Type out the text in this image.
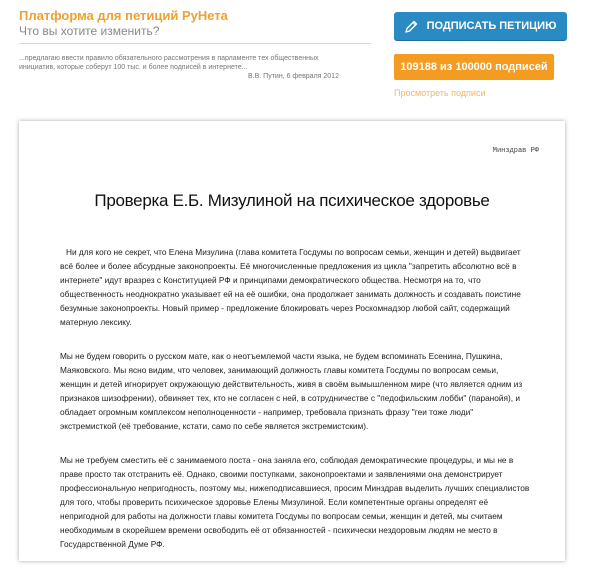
Платформа для петиций РуНета
Что вы хотите изменить?
...предлагаю ввести правило обязательного рассмотрения в парламенте тех общественных инициатив, которые соберут 100 тыс. и более подписей в интернете...
В.В. Путин, 6 февраля 2012
ПОДПИСАТЬ ПЕТИЦИЮ
109188 из 100000 подписей
Просмотреть подписи
Минздрав РФ
Проверка Е.Б. Мизулиной на психическое здоровье

Ни для кого не секрет, что Елена Мизулина (глава комитета Госдумы по вопросам семьи, женщин и детей) выдвигает всё более и более абсурдные законопроекты. Её многочисленные предложения из цикла "запретить абсолютно всё в интернете" идут вразрез с Конституцией РФ и принципами демократического общества. Несмотря на то, что общественность неоднократно указывает ей на её ошибки, она продолжает занимать должность и создавать поистине безумные законопроекты. Новый пример - предложение блокировать через Роскомнадзор любой сайт, содержащий матерную лексику.

Мы не будем говорить о русском мате, как о неотъемлемой части языка, не будем вспоминать Есенина, Пушкина, Маяковского. Мы ясно видим, что человек, занимающий должность главы комитета Госдумы по вопросам семьи, женщин и детей игнорирует окружающую действительность, живя в своём вымышленном мире (что является одним из признаков шизофрении), обвиняет тех, кто не согласен с ней, в сотрудничестве с "педофильским лобби" (паранойя), и обладает огромным комплексом неполноценности - например, требовала признать фразу "геи тоже люди" экстремисткой (её требование, кстати, само по себе является экстремистским).

Мы не требуем сместить её с занимаемого поста - она заняла его, соблюдая демократические процедуры, и мы не в праве просто так отстранить её. Однако, своими поступками, законопроектами и заявлениями она демонстрирует профессиональную непригодность, поэтому мы, нижеподписавшиеся, просим Минздрав выделить лучших специалистов для того, чтобы проверить психическое здоровье Елены Мизулиной. Если компетентные органы определят её непригодной для работы на должности главы комитета Госдумы по вопросам семьи, женщин и детей, мы считаем необходимым в скорейшем времени освободить её от обязанностей - психически нездоровым людям не место в Государственной Думе РФ.
